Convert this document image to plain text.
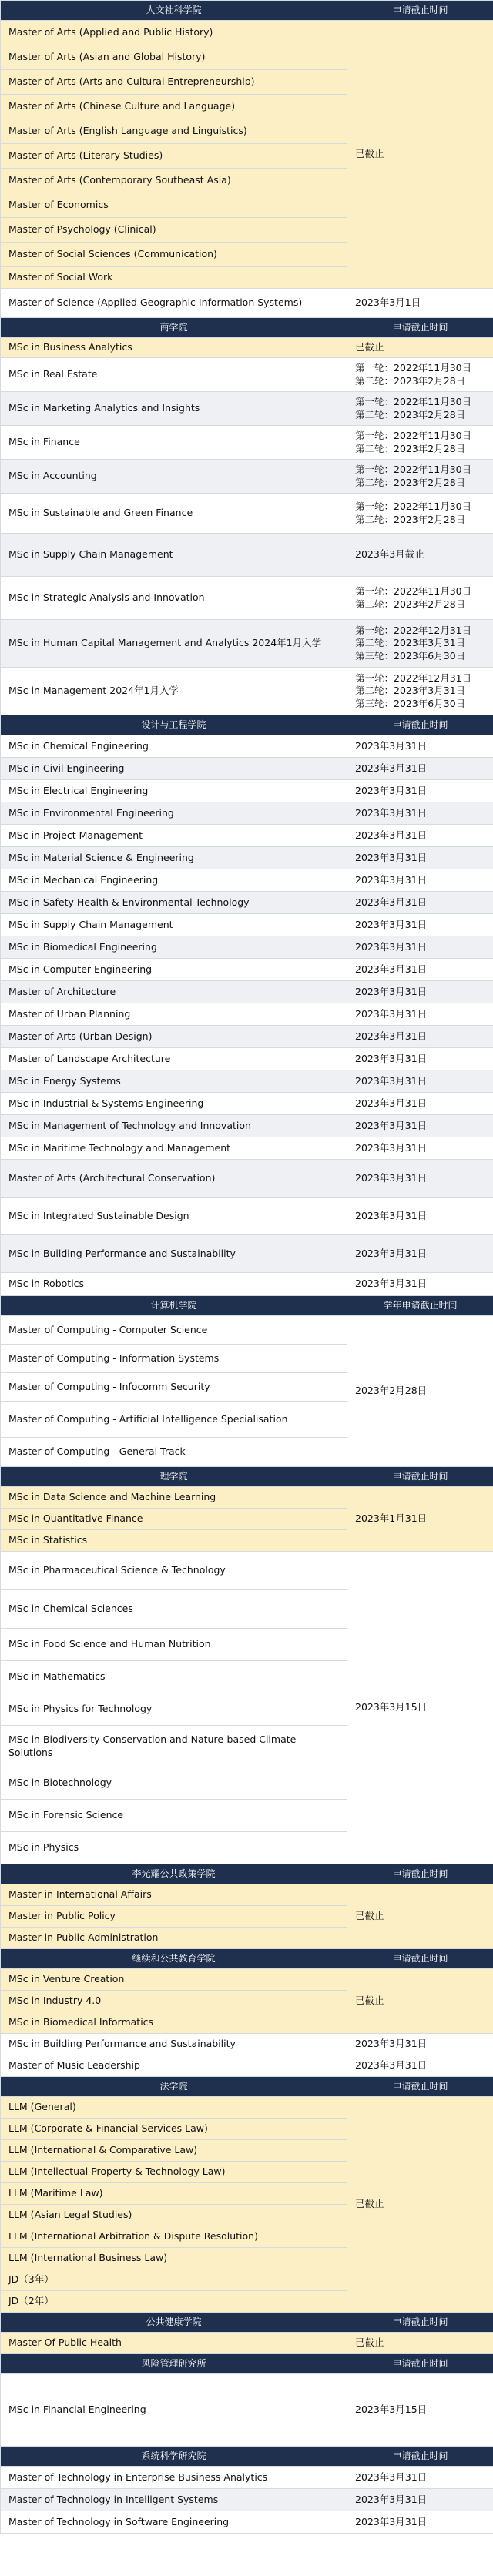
人文社科学院	申请截止时间
Master of Arts (Applied and Public History)	已截止

Master of Arts (Asian and Global History)	
Master of Arts (Arts and Cultural Entrepreneurship)	
Master of Arts (Chinese Culture and Language)	
Master of Arts (English Language and Linguistics)	
Master of Arts (Literary Studies)	
Master of Arts (Contemporary Southeast Asia)	
Master of Economics	
Master of Psychology (Clinical)	
Master of Social Sciences (Communication)	
Master of Social Work	
Master of Science (Applied Geographic Information Systems)	2023年3月1日

商学院	申请截止时间
MSc in Business Analytics	已截止

MSc in Real Estate	第一轮：2022年11月30日
第二轮：2023年2月28日

MSc in Marketing Analytics and Insights	第一轮：2022年11月30日
第二轮：2023年2月28日

MSc in Finance	第一轮：2022年11月30日
第二轮：2023年2月28日

MSc in Accounting	第一轮：2022年11月30日
第二轮：2023年2月28日

MSc in Sustainable and Green Finance	第一轮：2022年11月30日
第二轮：2023年2月28日

MSc in Supply Chain Management	2023年3月截止

MSc in Strategic Analysis and Innovation	第一轮：2022年11月30日
第二轮：2023年2月28日

MSc in Human Capital Management and Analytics 2024年1月入学	第一轮：2022年12月31日
第二轮：2023年3月31日
第三轮：2023年6月30日

MSc in Management 2024年1月入学	第一轮：2022年12月31日
第二轮：2023年3月31日
第三轮：2023年6月30日

设计与工程学院	申请截止时间
MSc in Chemical Engineering	2023年3月31日

MSc in Civil Engineering	2023年3月31日

MSc in Electrical Engineering	2023年3月31日

MSc in Environmental Engineering	2023年3月31日

MSc in Project Management	2023年3月31日

MSc in Material Science & Engineering	2023年3月31日

MSc in Mechanical Engineering	2023年3月31日

MSc in Safety Health & Environmental Technology	2023年3月31日

MSc in Supply Chain Management	2023年3月31日

MSc in Biomedical Engineering	2023年3月31日

MSc in Computer Engineering	2023年3月31日

Master of Architecture	2023年3月31日

Master of Urban Planning	2023年3月31日

Master of Arts (Urban Design)	2023年3月31日

Master of Landscape Architecture	2023年3月31日

MSc in Energy Systems	2023年3月31日

MSc in Industrial & Systems Engineering	2023年3月31日

MSc in Management of Technology and Innovation	2023年3月31日

MSc in Maritime Technology and Management	2023年3月31日

Master of Arts (Architectural Conservation)	2023年3月31日

MSc in Integrated Sustainable Design	2023年3月31日

MSc in Building Performance and Sustainability	2023年3月31日

MSc in Robotics	2023年3月31日

计算机学院	学年申请截止时间
Master of Computing - Computer Science	2023年2月28日

Master of Computing - Information Systems	
Master of Computing - Infocomm Security	
Master of Computing - Artificial Intelligence Specialisation	
Master of Computing - General Track	
理学院	申请截止时间
MSc in Data Science and Machine Learning	2023年1月31日

MSc in Quantitative Finance	
MSc in Statistics	
MSc in Pharmaceutical Science & Technology	2023年3月15日

MSc in Chemical Sciences	
MSc in Food Science and Human Nutrition	
MSc in Mathematics	
MSc in Physics for Technology	
MSc in Biodiversity Conservation and Nature-based Climate Solutions	
MSc in Biotechnology	
MSc in Forensic Science	
MSc in Physics	
李光耀公共政策学院	申请截止时间
Master in International Affairs	已截止

Master in Public Policy	
Master in Public Administration	
继续和公共教育学院	申请截止时间
MSc in Venture Creation	已截止

MSc in Industry 4.0	
MSc in Biomedical Informatics	
MSc in Building Performance and Sustainability	2023年3月31日

Master of Music Leadership	2023年3月31日

法学院	申请截止时间
LLM (General)	已截止

LLM (Corporate & Financial Services Law)	
LLM (International & Comparative Law)	
LLM (Intellectual Property & Technology Law)	
LLM (Maritime Law)	
LLM (Asian Legal Studies)	
LLM (International Arbitration & Dispute Resolution)	
LLM (International Business Law)	
JD（3年）	
JD（2年）	
公共健康学院	申请截止时间
Master Of Public Health	已截止

风险管理研究所	申请截止时间
MSc in Financial Engineering	2023年3月15日

系统科学研究院	申请截止时间
Master of Technology in Enterprise Business Analytics	2023年3月31日

Master of Technology in Intelligent Systems	2023年3月31日

Master of Technology in Software Engineering	2023年3月31日
